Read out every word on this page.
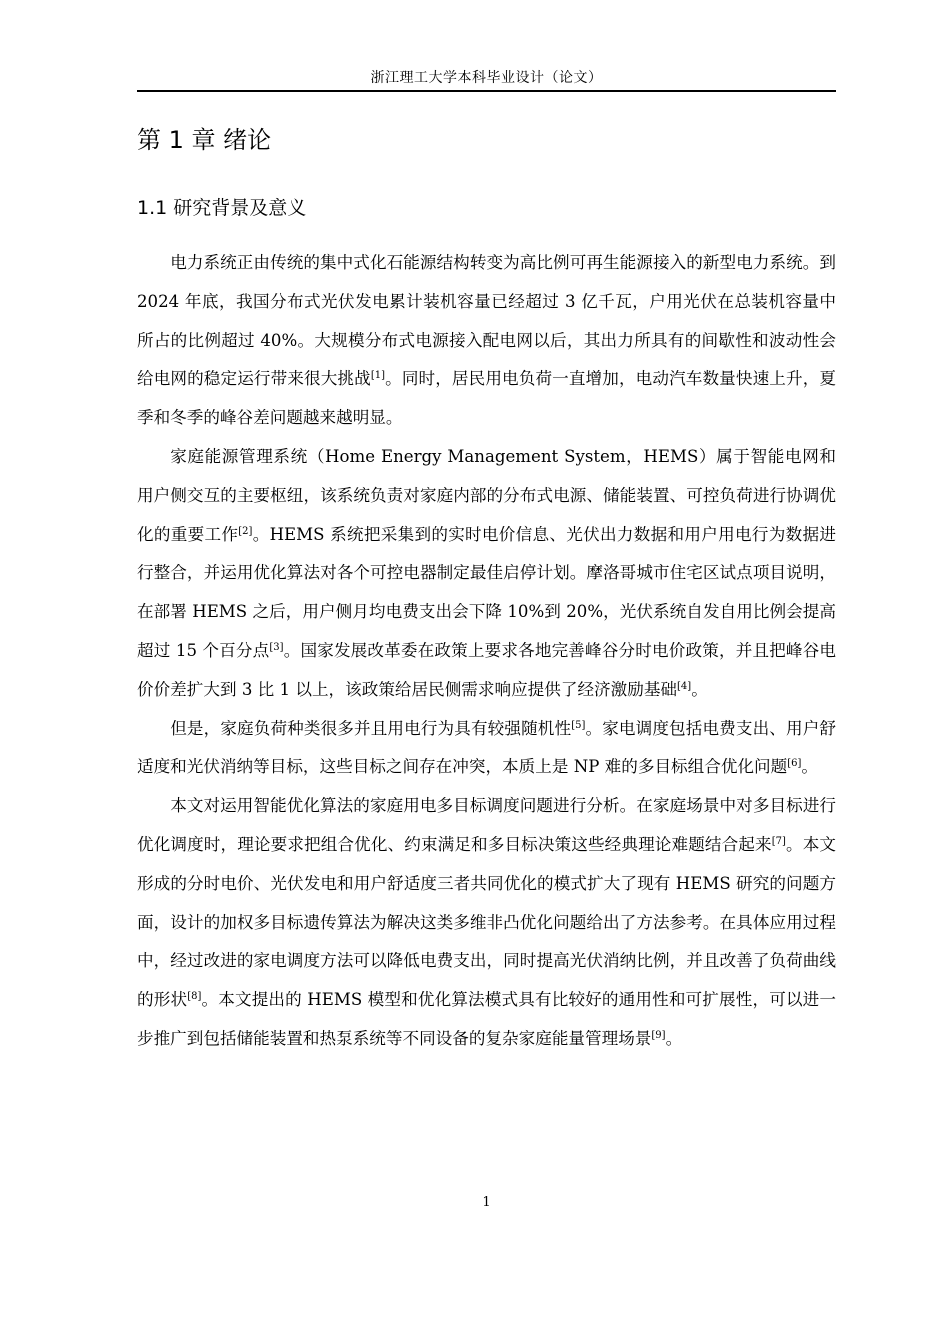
浙江理工大学本科毕业设计（论文）
第 1 章 绪论
1.1 研究背景及意义

电力系统正由传统的集中式化石能源结构转变为高比例可再生能源接入的新型电力系统。到 2024 年底，我国分布式光伏发电累计装机容量已经超过 3 亿千瓦，户用光伏在总装机容量中所占的比例超过 40%。大规模分布式电源接入配电网以后，其出力所具有的间歇性和波动性会给电网的稳定运行带来很大挑战[1]。同时，居民用电负荷一直增加，电动汽车数量快速上升，夏季和冬季的峰谷差问题越来越明显。

家庭能源管理系统（Home Energy Management System，HEMS）属于智能电网和用户侧交互的主要枢纽，该系统负责对家庭内部的分布式电源、储能装置、可控负荷进行协调优化的重要工作[2]。HEMS 系统把采集到的实时电价信息、光伏出力数据和用户用电行为数据进行整合，并运用优化算法对各个可控电器制定最佳启停计划。摩洛哥城市住宅区试点项目说明，在部署 HEMS 之后，用户侧月均电费支出会下降 10%到 20%，光伏系统自发自用比例会提高超过 15 个百分点[3]。国家发展改革委在政策上要求各地完善峰谷分时电价政策，并且把峰谷电价价差扩大到 3 比 1 以上，该政策给居民侧需求响应提供了经济激励基础[4]。

但是，家庭负荷种类很多并且用电行为具有较强随机性[5]。家电调度包括电费支出、用户舒适度和光伏消纳等目标，这些目标之间存在冲突，本质上是 NP 难的多目标组合优化问题[6]。

本文对运用智能优化算法的家庭用电多目标调度问题进行分析。在家庭场景中对多目标进行优化调度时，理论要求把组合优化、约束满足和多目标决策这些经典理论难题结合起来[7]。本文形成的分时电价、光伏发电和用户舒适度三者共同优化的模式扩大了现有 HEMS 研究的问题方面，设计的加权多目标遗传算法为解决这类多维非凸优化问题给出了方法参考。在具体应用过程中，经过改进的家电调度方法可以降低电费支出，同时提高光伏消纳比例，并且改善了负荷曲线的形状[8]。本文提出的 HEMS 模型和优化算法模式具有比较好的通用性和可扩展性，可以进一步推广到包括储能装置和热泵系统等不同设备的复杂家庭能量管理场景[9]。

1
